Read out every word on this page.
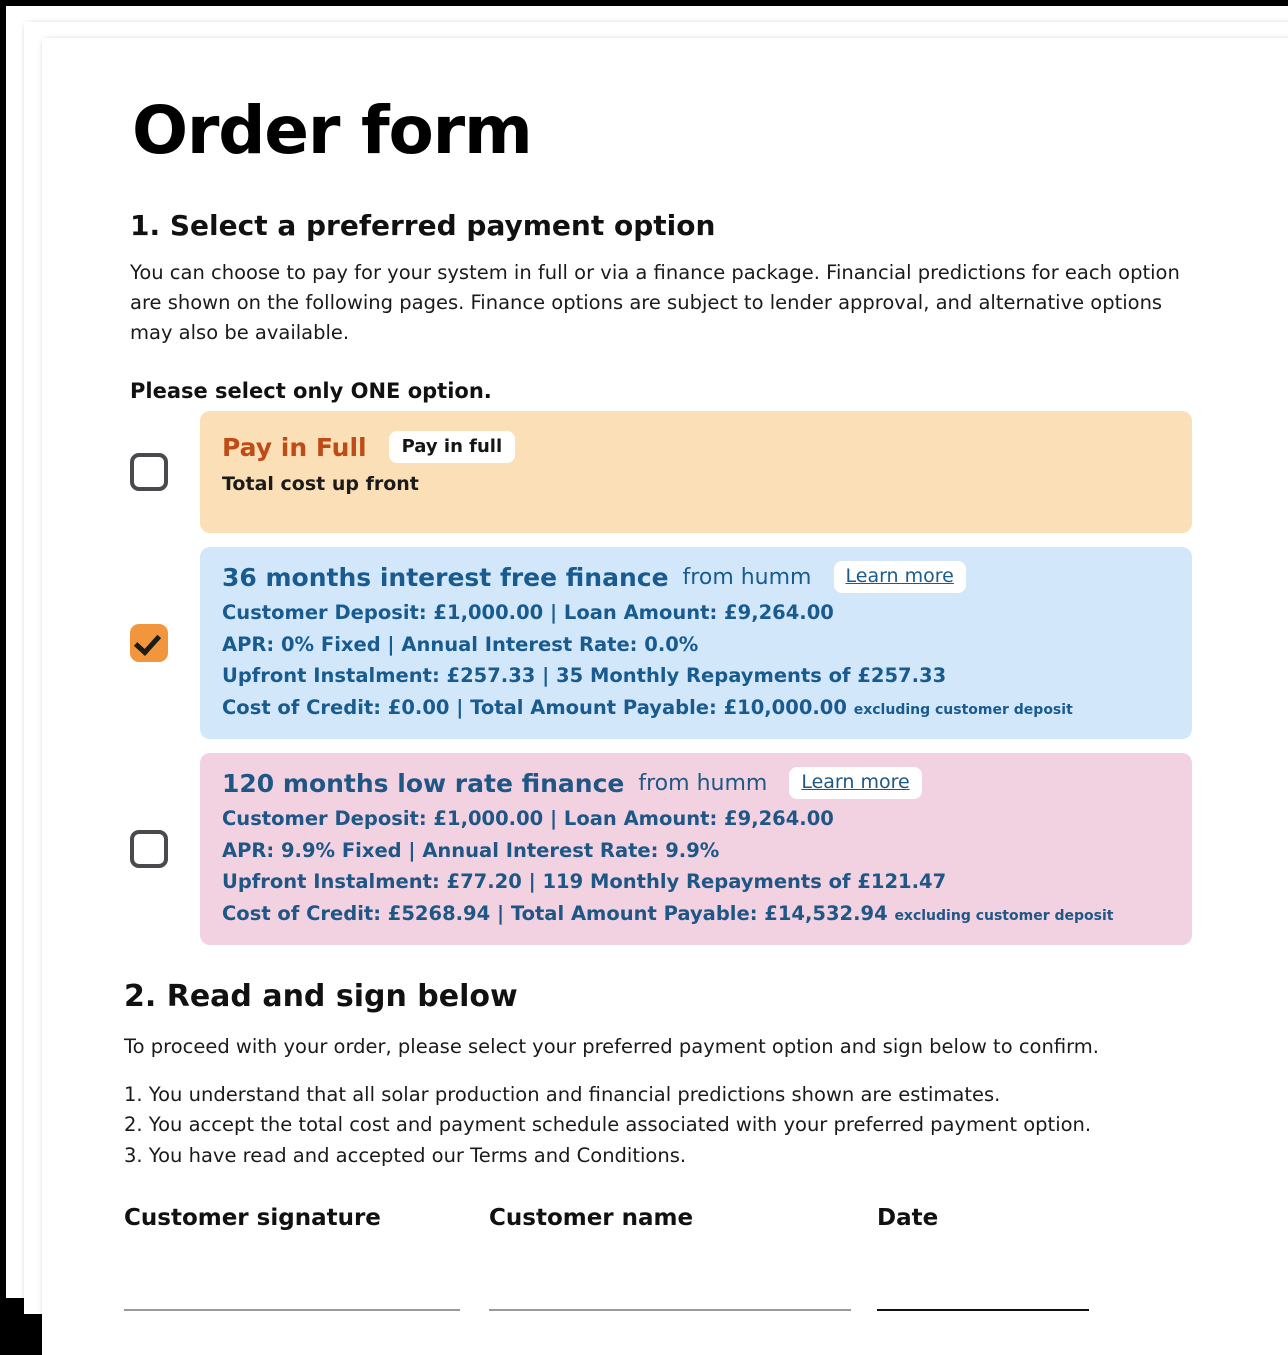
Order form
1. Select a preferred payment option

You can choose to pay for your system in full or via a finance package. Financial predictions for each option are shown on the following pages. Finance options are subject to lender approval, and alternative options may also be available.

Please select only ONE option.
Pay in Full	Pay in full
Total cost up front
36 months interest free finance from humm	Learn more
Customer Deposit: £1,000.00 | Loan Amount: £9,264.00
APR: 0% Fixed | Annual Interest Rate: 0.0%
Upfront Instalment: £257.33 | 35 Monthly Repayments of £257.33
Cost of Credit: £0.00 | Total Amount Payable: £10,000.00 excluding customer deposit
120 months low rate finance from humm	Learn more
Customer Deposit: £1,000.00 | Loan Amount: £9,264.00
APR: 9.9% Fixed | Annual Interest Rate: 9.9%
Upfront Instalment: £77.20 | 119 Monthly Repayments of £121.47
Cost of Credit: £5268.94 | Total Amount Payable: £14,532.94 excluding customer deposit
2. Read and sign below

To proceed with your order, please select your preferred payment option and sign below to confirm.

1. You understand that all solar production and financial predictions shown are estimates.
2. You accept the total cost and payment schedule associated with your preferred payment option.
3. You have read and accepted our Terms and Conditions.
Customer signature	Customer name	Date
